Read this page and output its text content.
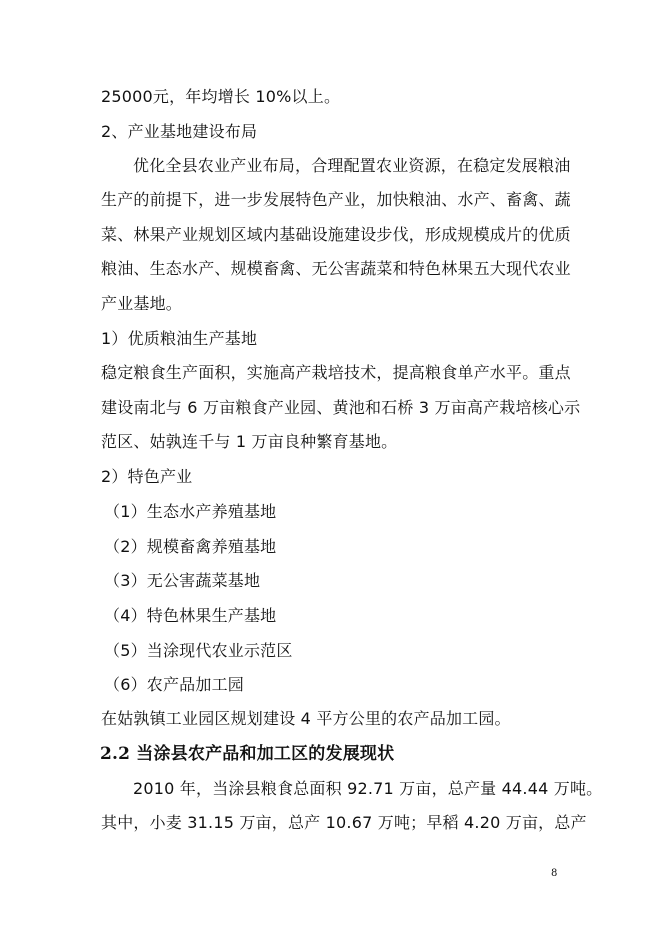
25000元，年均增长 10%以上。
2、产业基地建设布局
优化全县农业产业布局，合理配置农业资源，在稳定发展粮油
生产的前提下，进一步发展特色产业，加快粮油、水产、畜禽、蔬
菜、林果产业规划区域内基础设施建设步伐，形成规模成片的优质
粮油、生态水产、规模畜禽、无公害蔬菜和特色林果五大现代农业
产业基地。
1）优质粮油生产基地
稳定粮食生产面积，实施高产栽培技术，提高粮食单产水平。重点
建设南北与 6 万亩粮食产业园、黄池和石桥 3 万亩高产栽培核心示
范区、姑孰连千与 1 万亩良种繁育基地。
2）特色产业
（1）生态水产养殖基地
（2）规模畜禽养殖基地
（3）无公害蔬菜基地
（4）特色林果生产基地
（5）当涂现代农业示范区
（6）农产品加工园
在姑孰镇工业园区规划建设 4 平方公里的农产品加工园。
2.2 当涂县农产品和加工区的发展现状
2010 年，当涂县粮食总面积 92.71 万亩，总产量 44.44 万吨。
其中，小麦 31.15 万亩，总产 10.67 万吨；早稻 4.20 万亩，总产
8
